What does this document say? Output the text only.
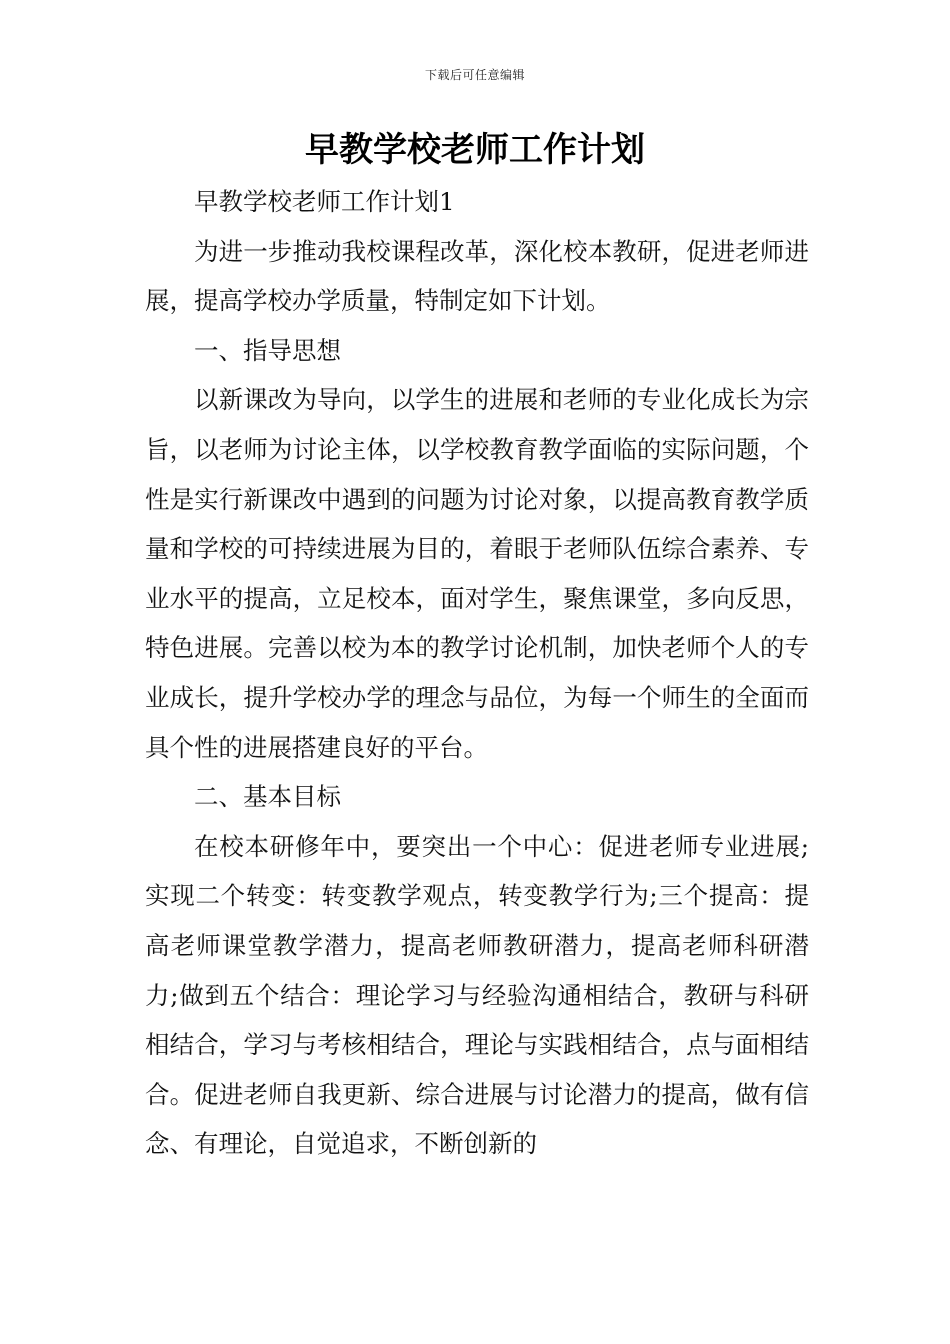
下载后可任意编辑
早教学校老师工作计划

早教学校老师工作计划1

为进一步推动我校课程改革，深化校本教研，促进老师进展，提高学校办学质量，特制定如下计划。

一、指导思想

以新课改为导向，以学生的进展和老师的专业化成长为宗旨，以老师为讨论主体，以学校教育教学面临的实际问题，个性是实行新课改中遇到的问题为讨论对象，以提高教育教学质量和学校的可持续进展为目的，着眼于老师队伍综合素养、专业水平的提高，立足校本，面对学生，聚焦课堂，多向反思，特色进展。完善以校为本的教学讨论机制，加快老师个人的专业成长，提升学校办学的理念与品位，为每一个师生的全面而具个性的进展搭建良好的平台。

二、基本目标

在校本研修年中，要突出一个中心：促进老师专业进展;实现二个转变：转变教学观点，转变教学行为;三个提高：提高老师课堂教学潜力，提高老师教研潜力，提高老师科研潜力;做到五个结合：理论学习与经验沟通相结合，教研与科研相结合，学习与考核相结合，理论与实践相结合，点与面相结合。促进老师自我更新、综合进展与讨论潜力的提高，做有信念、有理论，自觉追求，不断创新的
